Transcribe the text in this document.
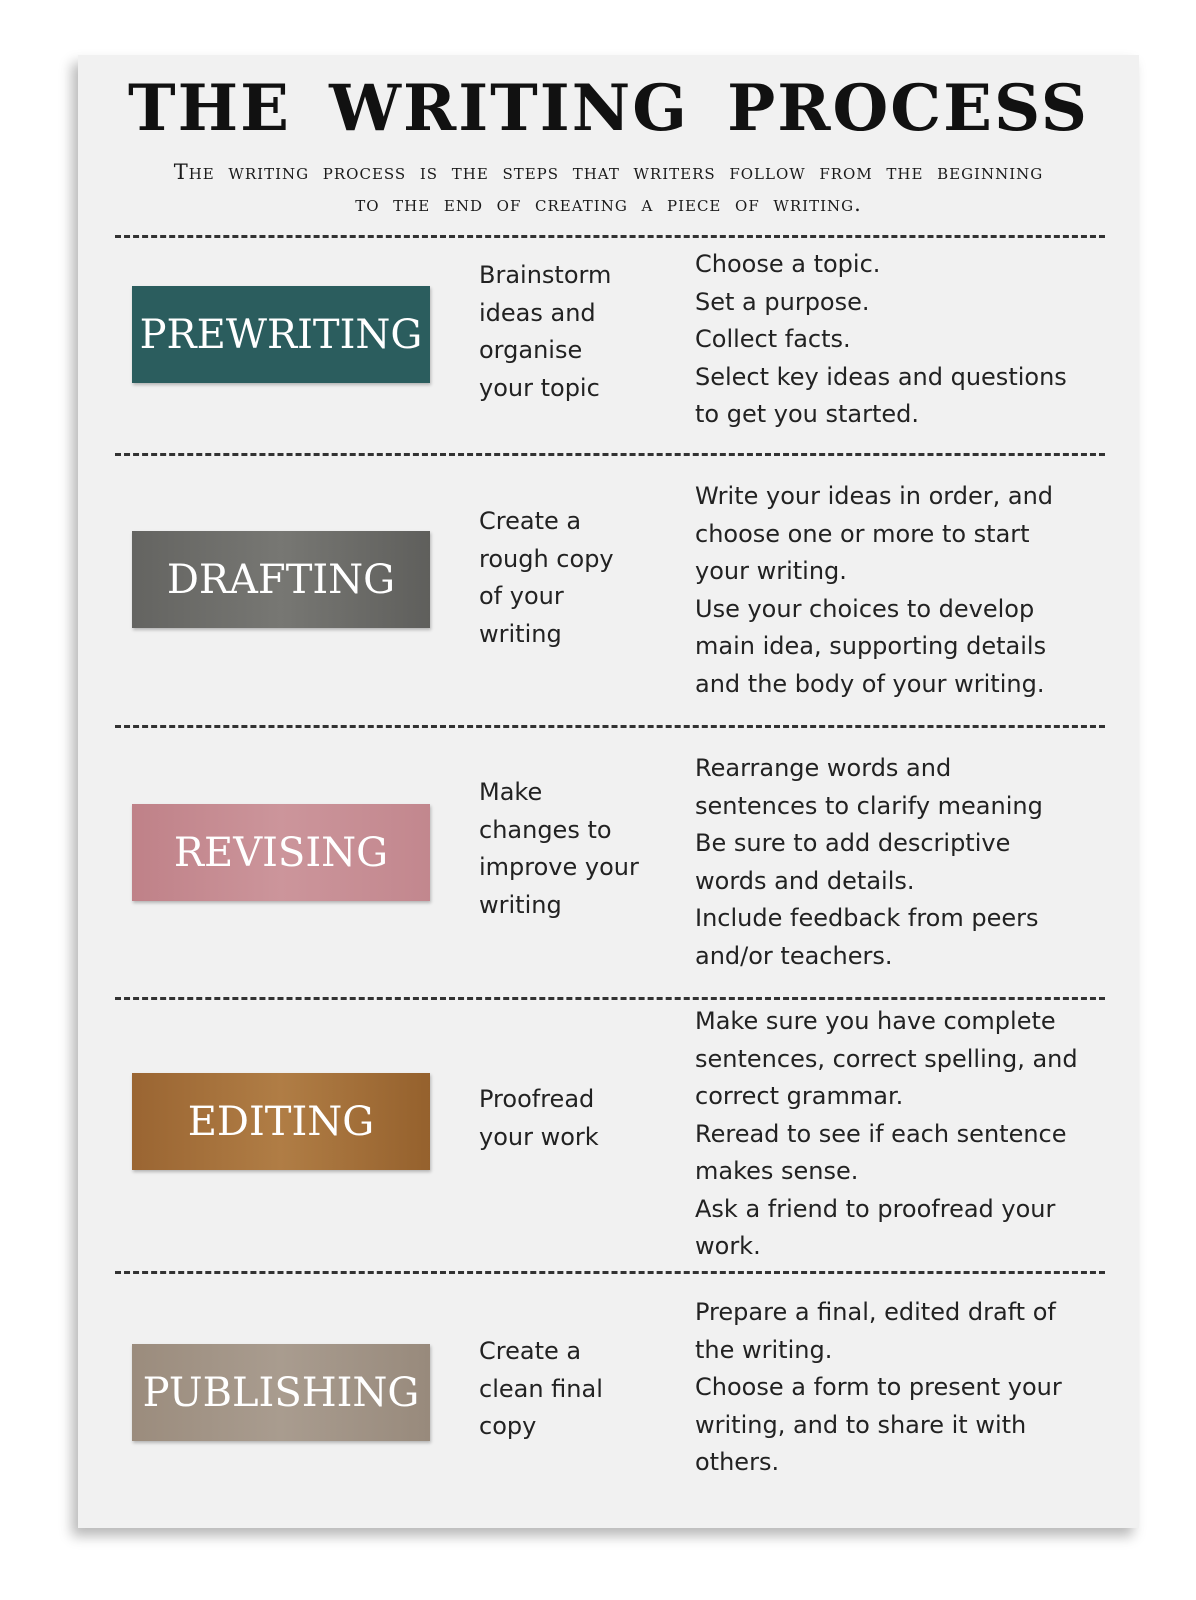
THE WRITING PROCESS

The writing process is the steps that writers follow from the beginning

to the end of creating a piece of writing.

PREWRITING
Brainstorm
ideas and
organise
your topic
Choose a topic.
Set a purpose.
Collect facts.
Select key ideas and questions
to get you started.
DRAFTING
Create a
rough copy
of your
writing
Write your ideas in order, and
choose one or more to start
your writing.
Use your choices to develop
main idea, supporting details
and the body of your writing.
REVISING
Make
changes to
improve your
writing
Rearrange words and
sentences to clarify meaning
Be sure to add descriptive
words and details.
Include feedback from peers
and/or teachers.
EDITING	Proofread
your work
Make sure you have complete
sentences, correct spelling, and
correct grammar.
Reread to see if each sentence
makes sense.
Ask a friend to proofread your
work.
PUBLISHING
Create a
clean final
copy
Prepare a final, edited draft of
the writing.
Choose a form to present your
writing, and to share it with
others.
